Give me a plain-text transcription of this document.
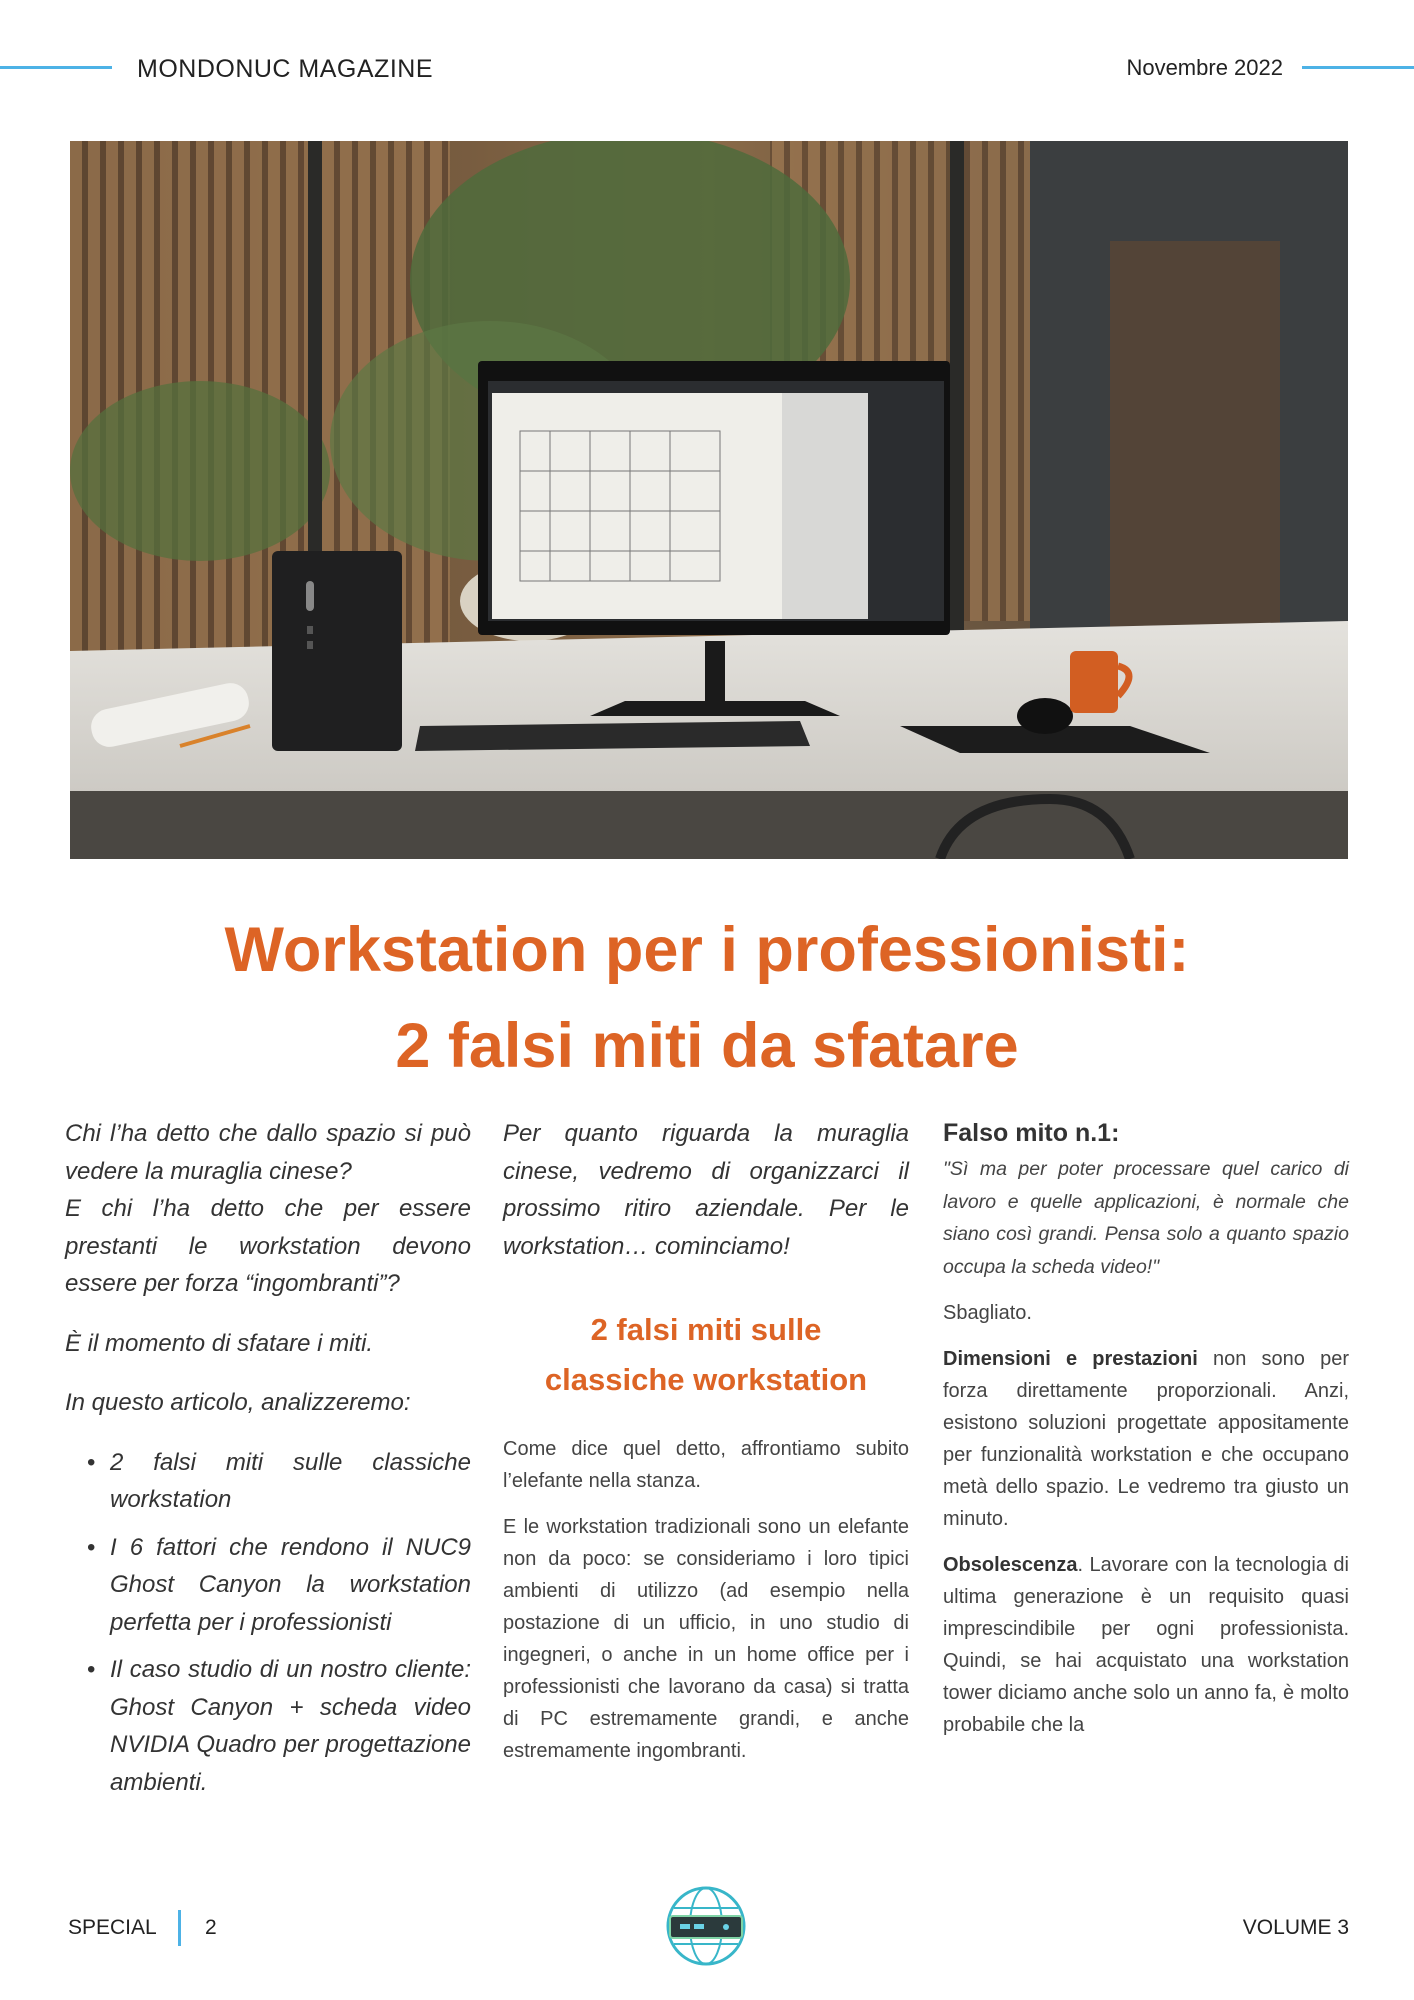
MONDONUC MAGAZINE	Novembre 2022
Workstation per i professionisti:
2 falsi miti da sfatare

Chi l’ha detto che dallo spazio si può vedere la muraglia cinese?
E chi l’ha detto che per essere prestanti le workstation devono essere per forza “ingombranti”?

È il momento di sfatare i miti.

In questo articolo, analizzeremo:

• 2 falsi miti sulle classiche workstation
• I 6 fattori che rendono il NUC9 Ghost Canyon la workstation perfetta per i professionisti
• Il caso studio di un nostro cliente: Ghost Canyon + scheda video NVIDIA Quadro per progettazione ambienti.

Per quanto riguarda la muraglia cinese, vedremo di organizzarci il prossimo ritiro aziendale. Per le workstation… cominciamo!

2 falsi miti sulle
classiche workstation

Come dice quel detto, affrontiamo subito l’elefante nella stanza.

E le workstation tradizionali sono un elefante non da poco: se consideriamo i loro tipici ambienti di utilizzo (ad esempio nella postazione di un ufficio, in uno studio di ingegneri, o anche in un home office per i professionisti che lavorano da casa) si tratta di PC estremamente grandi, e anche estremamente ingombranti.

Falso mito n.1:

"Sì ma per poter processare quel carico di lavoro e quelle applicazioni, è normale che siano così grandi. Pensa solo a quanto spazio occupa la scheda video!"

Sbagliato.

Dimensioni e prestazioni non sono per forza direttamente proporzionali. Anzi, esistono soluzioni progettate appositamente per funzionalità workstation e che occupano metà dello spazio. Le vedremo tra giusto un minuto.

Obsolescenza. Lavorare con la tecnologia di ultima generazione è un requisito quasi imprescindibile per ogni professionista. Quindi, se hai acquistato una workstation tower diciamo anche solo un anno fa, è molto probabile che la

SPECIAL 2	VOLUME 3
